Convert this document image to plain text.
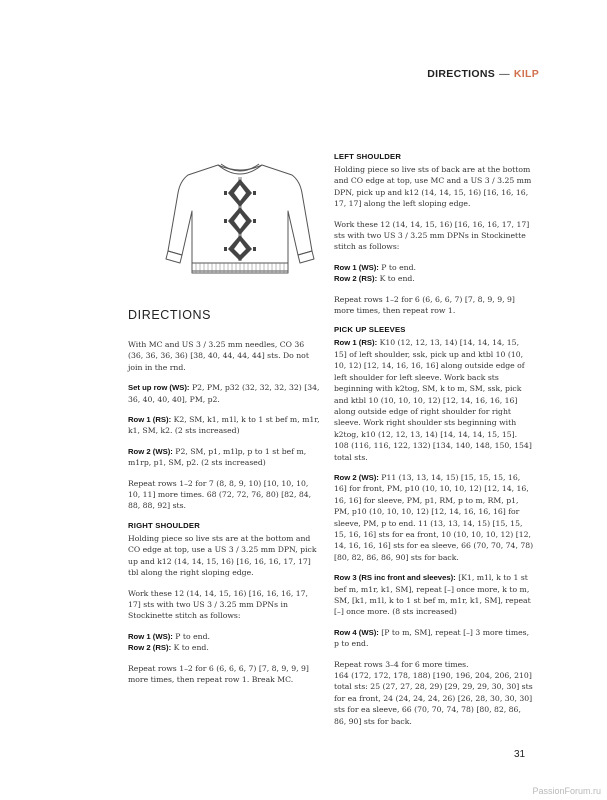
DIRECTIONS — KILP
DIRECTIONS

With MC and US 3 / 3.25 mm needles, CO 36 (36, 36, 36, 36) [38, 40, 44, 44, 44] sts. Do not join in the rnd.

Set up row (WS): P2, PM, p32 (32, 32, 32, 32) [34, 36, 40, 40, 40], PM, p2.

Row 1 (RS): K2, SM, k1, m1l, k to 1 st bef m, m1r, k1, SM, k2. (2 sts increased)

Row 2 (WS): P2, SM, p1, m1lp, p to 1 st bef m, m1rp, p1, SM, p2. (2 sts increased)

Repeat rows 1–2 for 7 (8, 8, 9, 10) [10, 10, 10, 10, 11] more times. 68 (72, 72, 76, 80) [82, 84, 88, 88, 92] sts.

RIGHT SHOULDER

Holding piece so live sts are at the bottom and CO edge at top, use a US 3 / 3.25 mm DPN, pick up and k12 (14, 14, 15, 16) [16, 16, 16, 17, 17] tbl along the right sloping edge.

Work these 12 (14, 14, 15, 16) [16, 16, 16, 17, 17] sts with two US 3 / 3.25 mm DPNs in Stockinette stitch as follows:

Row 1 (WS): P to end.

Row 2 (RS): K to end.

Repeat rows 1–2 for 6 (6, 6, 6, 7) [7, 8, 9, 9, 9] more times, then repeat row 1. Break MC.

LEFT SHOULDER

Holding piece so live sts of back are at the bottom and CO edge at top, use MC and a US 3 / 3.25 mm DPN, pick up and k12 (14, 14, 15, 16) [16, 16, 16, 17, 17] along the left sloping edge.

Work these 12 (14, 14, 15, 16) [16, 16, 16, 17, 17] sts with two US 3 / 3.25 mm DPNs in Stockinette stitch as follows:

Row 1 (WS): P to end.

Row 2 (RS): K to end.

Repeat rows 1–2 for 6 (6, 6, 6, 7) [7, 8, 9, 9, 9] more times, then repeat row 1.

PICK UP SLEEVES

Row 1 (RS): K10 (12, 12, 13, 14) [14, 14, 14, 15, 15] of left shoulder, ssk, pick up and ktbl 10 (10, 10, 12) [12, 14, 16, 16, 16] along outside edge of left shoulder for left sleeve. Work back sts beginning with k2tog, SM, k to m, SM, ssk, pick and ktbl 10 (10, 10, 10, 12) [12, 14, 16, 16, 16] along outside edge of right shoulder for right sleeve. Work right shoulder sts beginning with k2tog, k10 (12, 12, 13, 14) [14, 14, 14, 15, 15]. 108 (116, 116, 122, 132) [134, 140, 148, 150, 154] total sts.

Row 2 (WS): P11 (13, 13, 14, 15) [15, 15, 15, 16, 16] for front, PM, p10 (10, 10, 10, 12) [12, 14, 16, 16, 16] for sleeve, PM, p1, RM, p to m, RM, p1, PM, p10 (10, 10, 10, 12) [12, 14, 16, 16, 16] for sleeve, PM, p to end. 11 (13, 13, 14, 15) [15, 15, 15, 16, 16] sts for ea front, 10 (10, 10, 10, 12) [12, 14, 16, 16, 16] sts for ea sleeve, 66 (70, 70, 74, 78) [80, 82, 86, 86, 90] sts for back.

Row 3 (RS inc front and sleeves): [K1, m1l, k to 1 st bef m, m1r, k1, SM], repeat [–] once more, k to m, SM, [k1, m1l, k to 1 st bef m, m1r, k1, SM], repeat [–] once more. (8 sts increased)

Row 4 (WS): [P to m, SM], repeat [–] 3 more times, p to end.

Repeat rows 3–4 for 6 more times.

164 (172, 172, 178, 188) [190, 196, 204, 206, 210] total sts: 25 (27, 27, 28, 29) [29, 29, 29, 30, 30] sts for ea front, 24 (24, 24, 24, 26) [26, 28, 30, 30, 30] sts for ea sleeve, 66 (70, 70, 74, 78) [80, 82, 86, 86, 90] sts for back.

31
PassionForum.ru
